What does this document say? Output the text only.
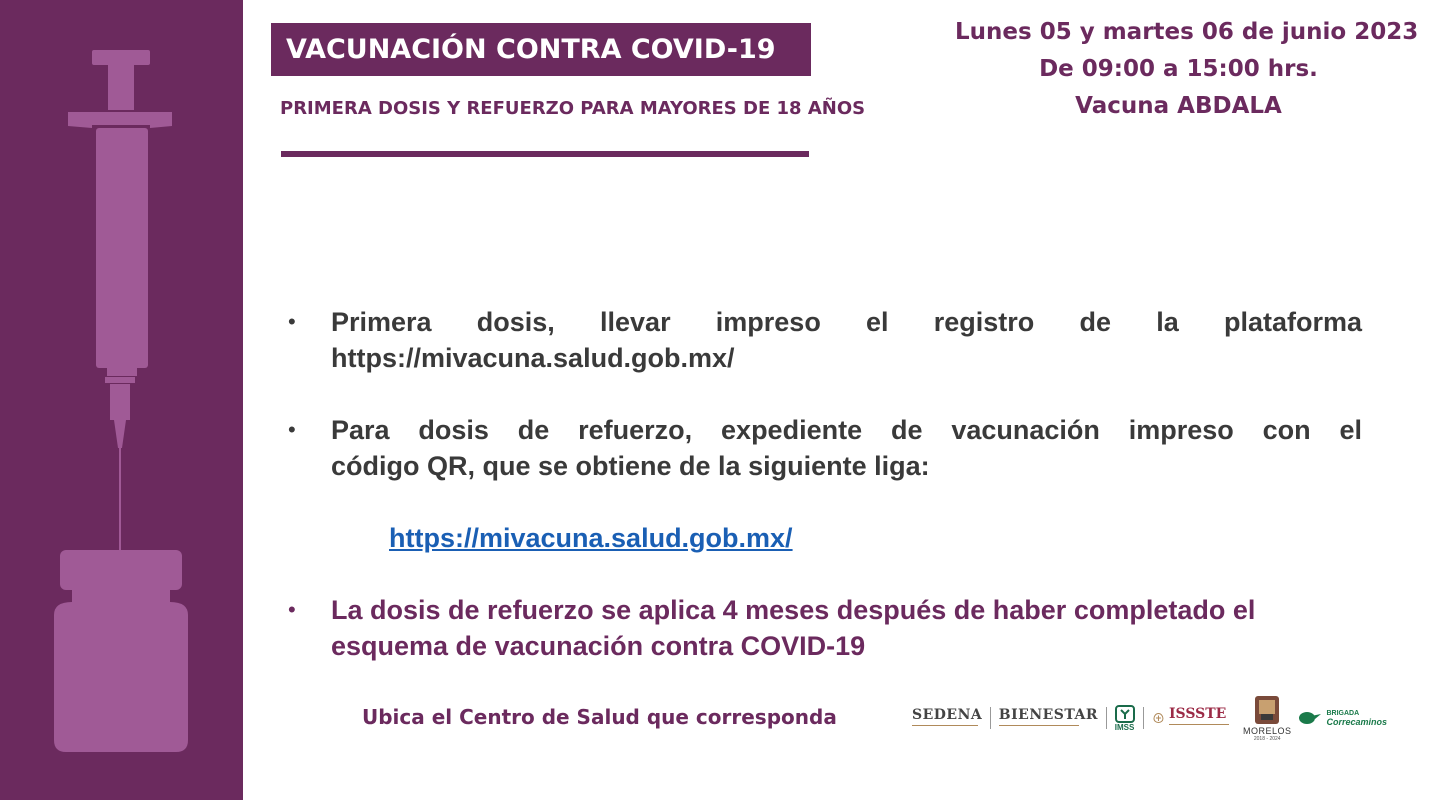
VACUNACIÓN CONTRA COVID-19
PRIMERA DOSIS Y REFUERZO PARA MAYORES DE 18 AÑOS
Lunes 05 y martes 06 de junio 2023
De 09:00 a 15:00 hrs.
Vacuna ABDALA
• Primera dosis, llevar impreso el registro de la plataforma
https://mivacuna.salud.gob.mx/
• Para dosis de refuerzo, expediente de vacunación impreso con el
código QR, que se obtiene de la siguiente liga:
https://mivacuna.salud.gob.mx/
• La dosis de refuerzo se aplica 4 meses después de haber completado el
esquema de vacunación contra COVID-19
Ubica el Centro de Salud que corresponda	SEDENA BIENESTAR
IMSS
ISSSTE
MORELOS
2018 - 2024
BRIGADA
Correcaminos
